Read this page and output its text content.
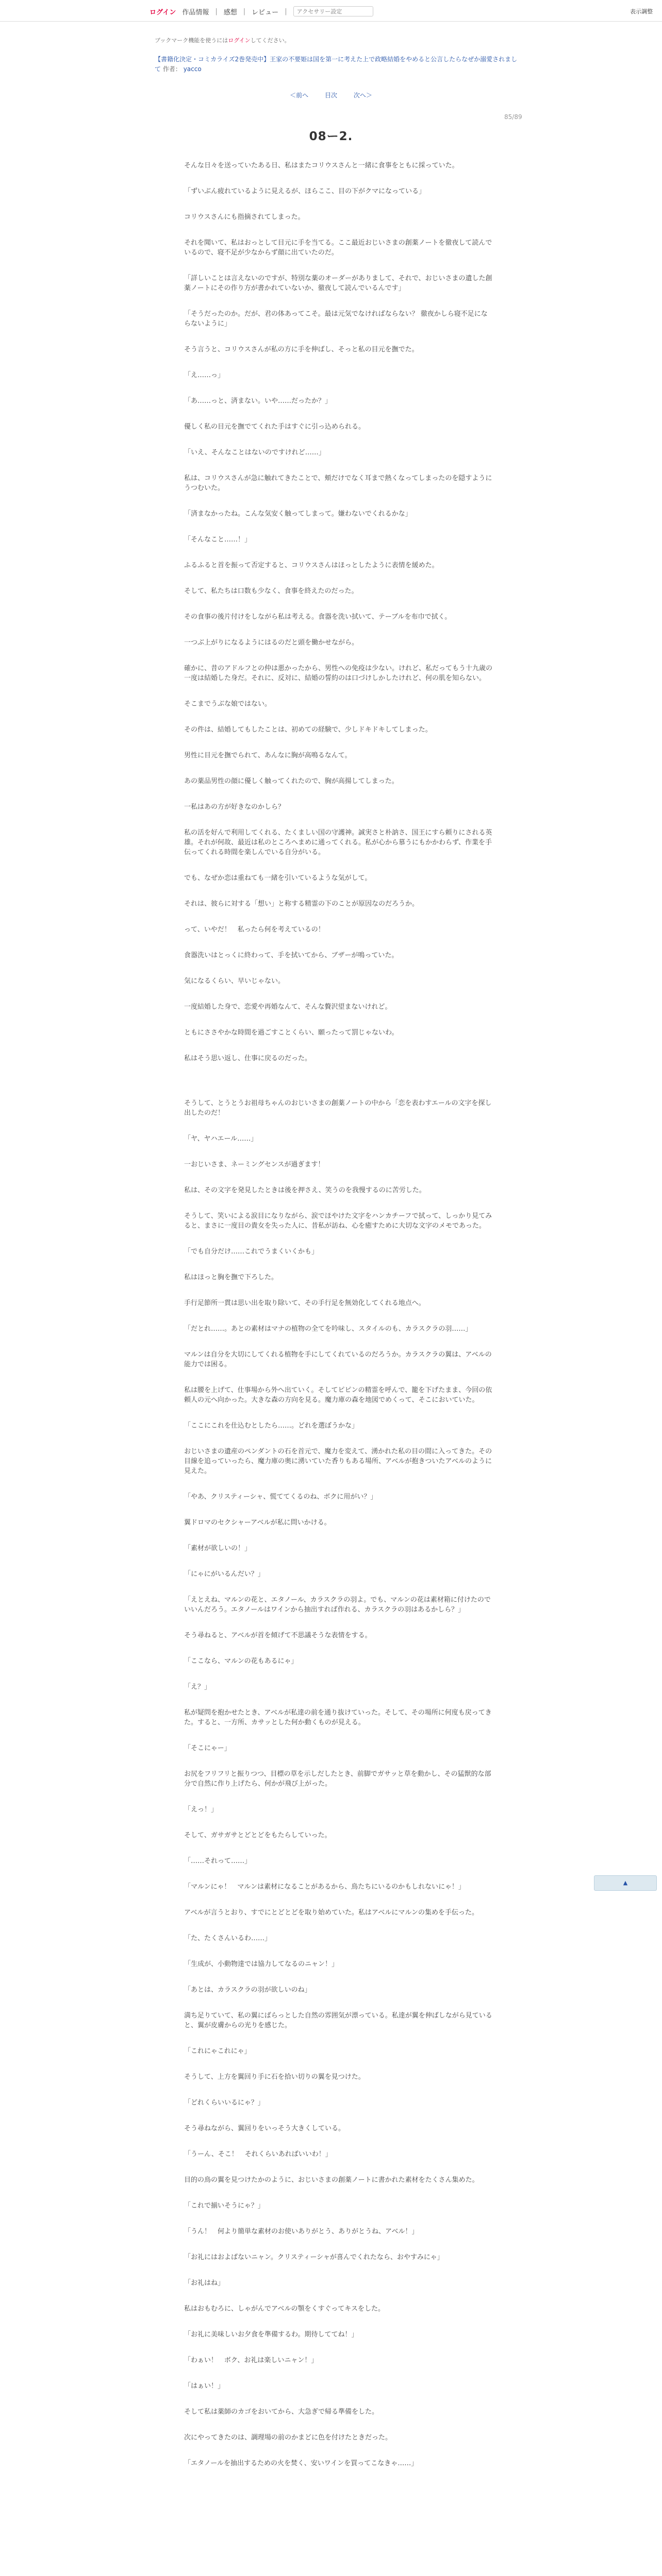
ログイン 作品情報 | 感想 | レビュー |
アクセサリー設定	表示調整
ブックマーク機能を使うにはログインしてください。
【書籍化決定・コミカライズ2巻発売中】王家の不要姫は国を第一に考えた上で政略結婚をやめると公言したらなぜか溺愛されまして 作者： yacco
＜前へ	目次	次へ＞
85/89
08ー2.

そんな日々を送っていたある日、私はまたコリウスさんと一緒に食事をともに採っていた。

「ずいぶん疲れているように見えるが、ほらここ、目の下がクマになっている」

コリウスさんにも指摘されてしまった。

それを聞いて、私はおっとして目元に手を当てる。ここ最近おじいさまの創薬ノートを徹夜して読んでいるので、寝不足が少なからず顔に出ていたのだ。

「詳しいことは言えないのですが、特別な薬のオーダーがありまして、それで、おじいさまの遺した創薬ノートにその作り方が書かれていないか、徹夜して読んでいるんです」

「そうだったのか。だが、君の体あってこそ。最は元気でなければならない？ 徹夜かしら寝不足にならないように」

そう言うと、コリウスさんが私の方に手を伸ばし、そっと私の目元を撫でた。

「え……っ」

「あ……っと、済まない。いや……だったか？」

優しく私の目元を撫でてくれた手はすぐに引っ込められる。

「いえ、そんなことはないのですけれど……」

私は、コリウスさんが急に触れてきたことで、頬だけでなく耳まで熱くなってしまったのを隠すようにうつむいた。

「済まなかったね。こんな気安く触ってしまって。嫌わないでくれるかな」

「そんなこと……！」

ふるふると首を振って否定すると、コリウスさんはほっとしたように表情を緩めた。

そして、私たちは口数も少なく、食事を終えたのだった。

その食事の後片付けをしながら私は考える。食器を洗い拭いて、テーブルを布巾で拭く。

一つぶ上がりになるようにはるのだと頭を働かせながら。

確かに、昔のアドルフとの仲は悪かったから、男性への免疫は少ない。けれど、私だってもう十九歳の一度は結婚した身だ。それに、反対に、結婚の誓約のは口づけしかしたけれど、何の肌を知らない。

そこまでうぶな娘ではない。

その件は、結婚してもしたことは、初めての経験で、少しドキドキしてしまった。

男性に目元を撫でられて、あんなに胸が高鳴るなんて。

あの薬品男性の顔に優しく触ってくれたので、胸が高揚してしまった。

一私はあの方が好きなのかしら？

私の活を好んで利用してくれる、たくましい国の守護神。誠実さと朴訥さ、国王にすら頼りにされる英雄。それが何故、最近は私のところへまめに通ってくれる。私が心から慕うにもかかわらず、作業を手伝ってくれる時間を楽しんでいる自分がいる。

でも、なぜか恋は重ねても一緒を引いているような気がして。

それは、彼らに対する「想い」と称する精霊の下のことが原因なのだろうか。

って、いやだ！　私ったら何を考えているの！

食器洗いはとっくに終わって、手を拭いてから、ブザーが鳴っていた。

気になるくらい、早いじゃない。

一度結婚した身で、恋愛や再婚なんて、そんな贅沢望まないけれど。

ともにささやかな時間を過ごすことくらい、願ったって罰じゃないわ。

私はそう思い返し、仕事に戻るのだった。

そうして、とうとうお祖母ちゃんのおじいさまの創薬ノートの中から「恋を表わすエールの文字を探し出したのだ！

「ヤ、ヤハエール……」

一おじいさま、ネーミングセンスが過ぎます！

私は、その文字を発見したときは後を押さえ、笑うのを我慢するのに苦労した。

そうして、笑いによる涙目になりながら、涙でほやけた文字をハンカチーフで拭って、しっかり見てみると、まさに一度目の貴女を失った人に、昔私が訪ね、心を癒すために大切な文字のメモであった。

「でも自分だけ……これでうまくいくかも」

私はほっと胸を撫で下ろした。

手行足節所一貫は思い出を取り除いて、その手行足を無効化してくれる地点へ。

「だとれ……。あとの素材はマナの植物の全てを吟味し、スタイルのも、カラスクラの羽……」

マルンは自分を大切にしてくれる植物を手にしてくれているのだろうか。カラスクラの翼は、アベルの能力では困る。

私は腰を上げて、仕事場から外へ出ていく。そしてピピンの精霊を呼んで、籠を下げたまま、今回の依頼人の元へ向かった。大きな森の方向を見る。魔力庫の森を地図でめくって、そこにおいていた。

「ここにこれを仕込むとしたら……。どれを選ぼうかな」

おじいさまの遺産のペンダントの石を首元で、魔力を変えて、湧かれた私の目の間に入ってきた。その目線を追っていったら、魔力庫の奥に湧いていた香りもある場所、アベルが抱きついたアベルのように見えた。

「やあ、クリスティーシャ、慌ててくるのね、ボクに用がい？」

翼ドロマのセクシャーアベルが私に問いかける。

「素材が欲しいの！」

「にゃにがいるんだい？」

「えとえね、マルンの花と、エタノール、カラスクラの羽よ。でも、マルンの花は素材箱に付けたのでいいんだろう。エタノールはワインから抽出すれば作れる、カラスクラの羽はあるかしら？」

そう尋ねると、アベルが首を傾げて不思議そうな表情をする。

「ここなら、マルンの花もあるにゃ」

「え？」

私が疑問を抱かせたとき、アベルが私達の前を通り抜けていった。そして、その場所に何度も戻ってきた。すると、一方所、カサッとした何か動くものが見える。

「そこにゃー」

お尻をフリフリと振りつつ、目標の草を示しだしたとき、前脚でガサッと草を動かし、その猛獣的な部分で自然に作り上げたら、何かが飛び上がった。

「えっ！」

そして、ガサガサとどとどをもたらしていった。

「……それって……」

「マルンにゃ！　マルンは素材になることがあるから、鳥たちにいるのかもしれないにゃ！」

アベルが言うとおり、すでにとどとどを取り始めていた。私はアベルにマルンの集めを手伝った。

「た、たくさんいるわ……」

「生成が、小動物達では協力してなるのニャン！」

「あとは、カラスクラの羽が欲しいのね」

満ち足りていて、私の翼にばらっとした自然の雰囲気が漂っている。私達が翼を伸ばしながら見ていると、翼が皮膚からの光りを感じた。

「これにゃこれにゃ」

そうして、上方を翼回り手に石を拾い切りの翼を見つけた。

「どれくらいいるにゃ？」

そう尋ねながら、翼回りをいっそう大きくしている。

「うーん、そこ！　それくらいあればいいわ！」

目的の鳥の翼を見つけたかのように、おじいさまの創薬ノートに書かれた素材をたくさん集めた。

「これで揃いそうにゃ？」

「うん！　何より簡単な素材のお使いありがとう、ありがとうね、アベル！」

「お礼にはおよばないニャン。クリスティーシャが喜んでくれたなら、おやすみにゃ」

「お礼はね」

私はおもむろに、しゃがんでアベルの顎をくすぐってキスをした。

「お礼に美味しいお夕食を準備するわ。期待しててね！」

「わぁい！　ボク、お礼は楽しいニャン！」

「はぁい！」

そして私は薬師のカゴをおいてから、大急ぎで帰る準備をした。

次にやってきたのは、調理場の前のかまどに色を付けたときだった。

「エタノールを抽出するための火を焚く、安いワインを買ってこなきゃ……」

▲
